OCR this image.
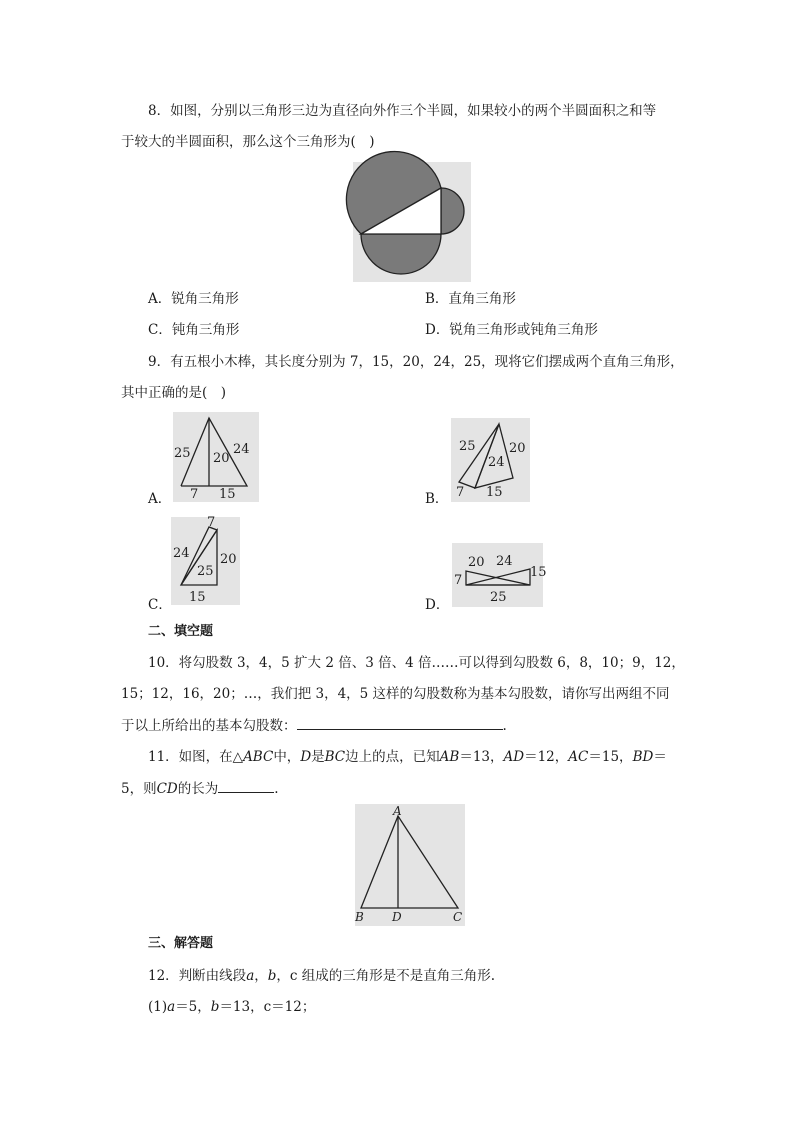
8．如图，分别以三角形三边为直径向外作三个半圆，如果较小的两个半圆面积之和等
于较大的半圆面积，那么这个三角形为(　)
A．锐角三角形	B．直角三角形
C．钝角三角形	D．锐角三角形或钝角三角形
9．有五根小木棒，其长度分别为 7，15，20，24，25，现将它们摆成两个直角三角形，
其中正确的是(　)
25	24
20
7 15
A．
25	20
24
7 15
B．
7
24 20
25
15
C．
20 24
7
15
25
D．
二、填空题
10．将勾股数 3，4，5 扩大 2 倍、3 倍、4 倍……可以得到勾股数 6，8，10；9，12，
15；12，16，20；…，我们把 3，4，5 这样的勾股数称为基本勾股数，请你写出两组不同
于以上所给出的基本勾股数：	.
11．如图，在△ABC中，D是BC边上的点，已知AB＝13，AD＝12，AC＝15，BD＝
5，则CD的长为	.
A
B D	C
三、解答题
12．判断由线段a，b，c 组成的三角形是不是直角三角形.
(1)a＝5，b＝13，c＝12；
